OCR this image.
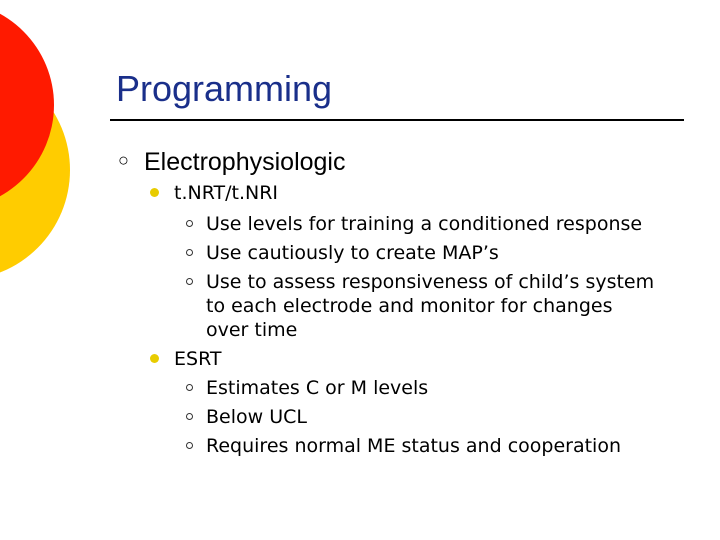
Programming
○ Electrophysiologic
t.NRT/t.NRI
Use levels for training a conditioned response
Use cautiously to create MAP’s
Use to assess responsiveness of child’s system
to each electrode and monitor for changes
over time
ESRT
Estimates C or M levels
Below UCL
Requires normal ME status and cooperation
